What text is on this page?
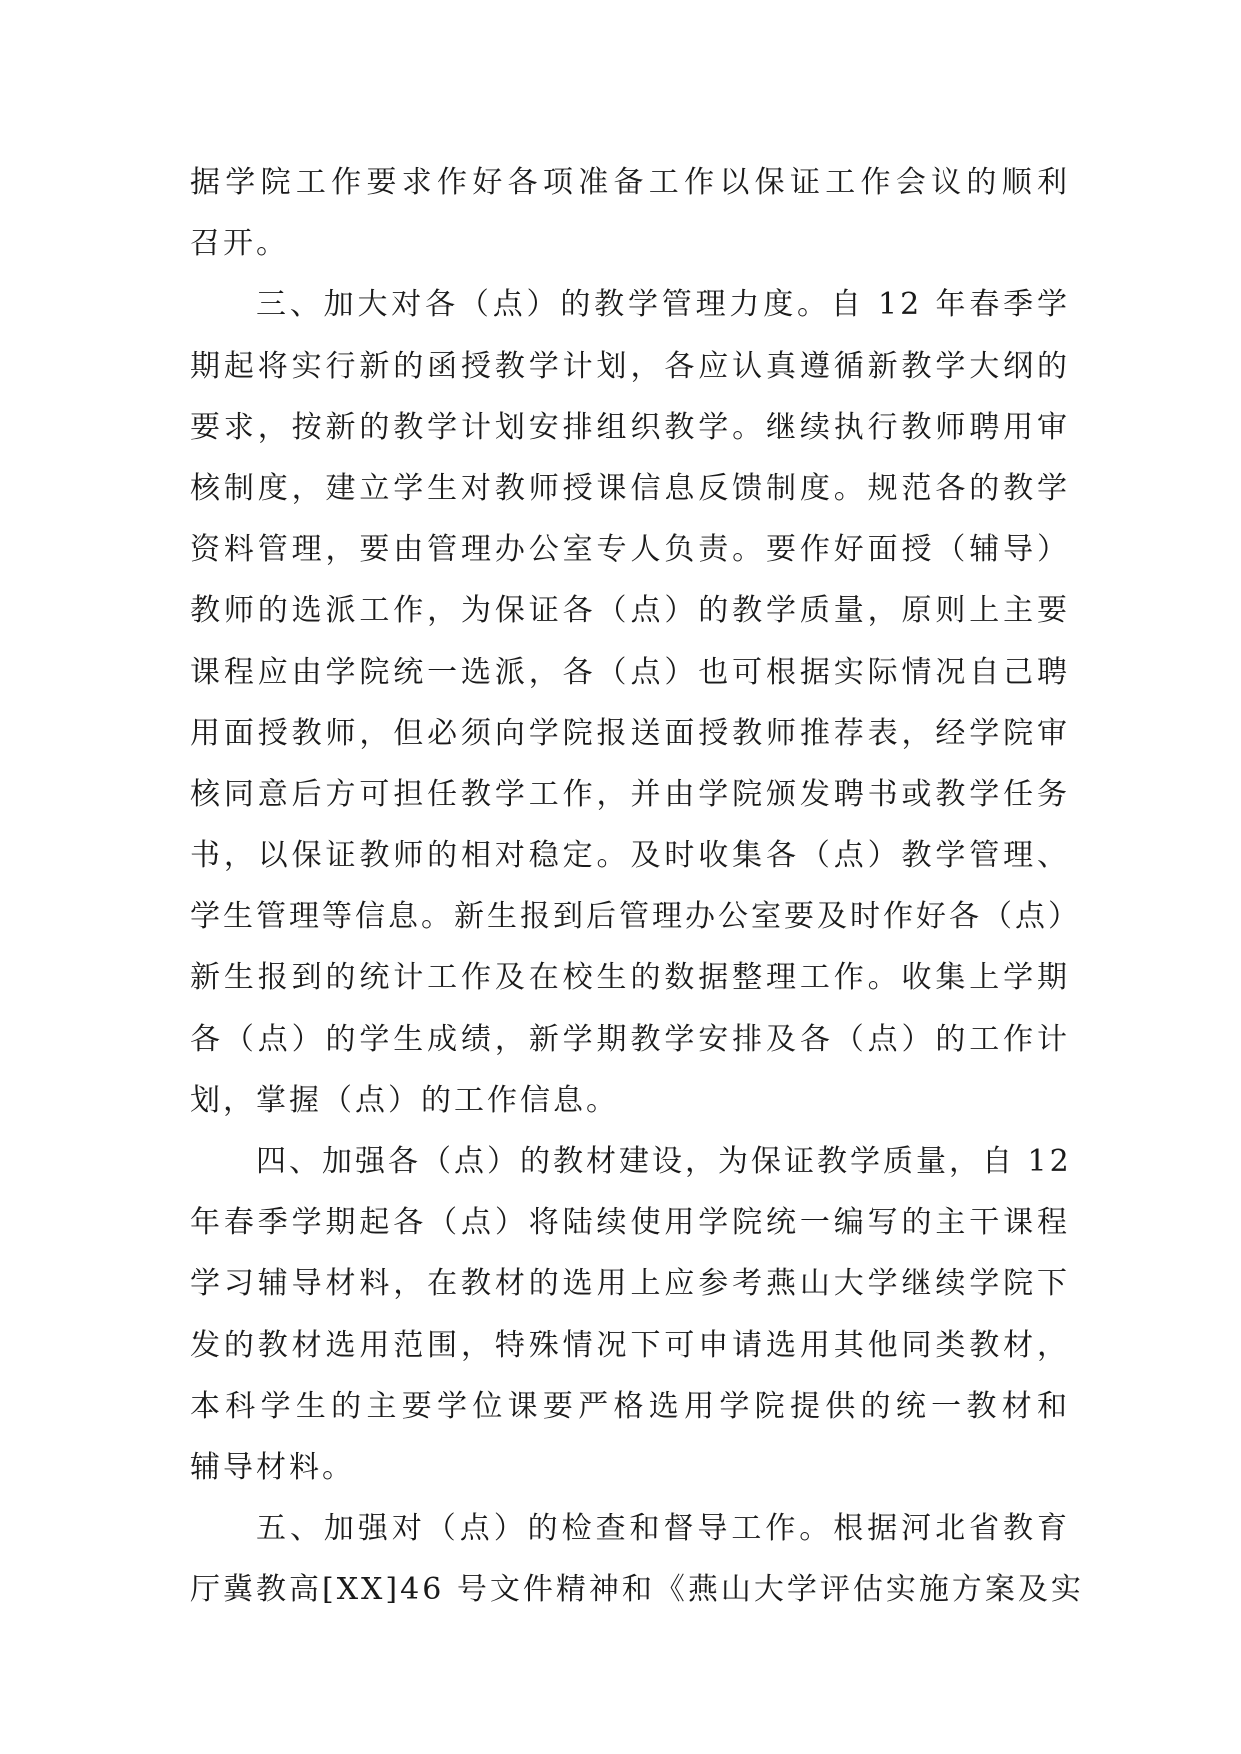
据学院工作要求作好各项准备工作以保证工作会议的顺利
召开。
三、加大对各（点）的教学管理力度。自 12 年春季学
期起将实行新的函授教学计划，各应认真遵循新教学大纲的
要求，按新的教学计划安排组织教学。继续执行教师聘用审
核制度，建立学生对教师授课信息反馈制度。规范各的教学
资料管理，要由管理办公室专人负责。要作好面授（辅导）
教师的选派工作，为保证各（点）的教学质量，原则上主要
课程应由学院统一选派，各（点）也可根据实际情况自己聘
用面授教师，但必须向学院报送面授教师推荐表，经学院审
核同意后方可担任教学工作，并由学院颁发聘书或教学任务
书，以保证教师的相对稳定。及时收集各（点）教学管理、
学生管理等信息。新生报到后管理办公室要及时作好各（点）
新生报到的统计工作及在校生的数据整理工作。收集上学期
各（点）的学生成绩，新学期教学安排及各（点）的工作计
划，掌握（点）的工作信息。
四、加强各（点）的教材建设，为保证教学质量，自 12
年春季学期起各（点）将陆续使用学院统一编写的主干课程
学习辅导材料，在教材的选用上应参考燕山大学继续学院下
发的教材选用范围，特殊情况下可申请选用其他同类教材，
本科学生的主要学位课要严格选用学院提供的统一教材和
辅导材料。
五、加强对（点）的检查和督导工作。根据河北省教育
厅冀教高[XX]46 号文件精神和《燕山大学评估实施方案及实
